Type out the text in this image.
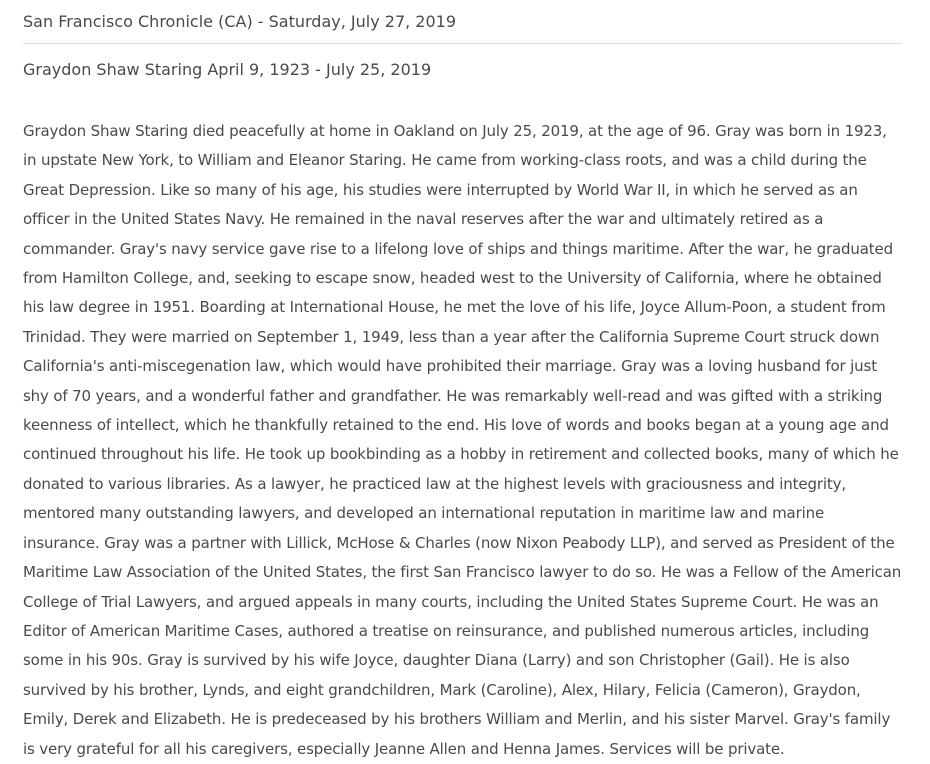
San Francisco Chronicle (CA) - Saturday, July 27, 2019
Graydon Shaw Staring April 9, 1923 - July 25, 2019

Graydon Shaw Staring died peacefully at home in Oakland on July 25, 2019, at the age of 96. Gray was born in 1923, in upstate New York, to William and Eleanor Staring. He came from working-class roots, and was a child during the Great Depression. Like so many of his age, his studies were interrupted by World War II, in which he served as an officer in the United States Navy. He remained in the naval reserves after the war and ultimately retired as a commander. Gray's navy service gave rise to a lifelong love of ships and things maritime. After the war, he graduated from Hamilton College, and, seeking to escape snow, headed west to the University of California, where he obtained his law degree in 1951. Boarding at International House, he met the love of his life, Joyce Allum-Poon, a student from Trinidad. They were married on September 1, 1949, less than a year after the California Supreme Court struck down California's anti-miscegenation law, which would have prohibited their marriage. Gray was a loving husband for just shy of 70 years, and a wonderful father and grandfather. He was remarkably well-read and was gifted with a striking keenness of intellect, which he thankfully retained to the end. His love of words and books began at a young age and continued throughout his life. He took up bookbinding as a hobby in retirement and collected books, many of which he donated to various libraries. As a lawyer, he practiced law at the highest levels with graciousness and integrity, mentored many outstanding lawyers, and developed an international reputation in maritime law and marine insurance. Gray was a partner with Lillick, McHose & Charles (now Nixon Peabody LLP), and served as President of the Maritime Law Association of the United States, the first San Francisco lawyer to do so. He was a Fellow of the American College of Trial Lawyers, and argued appeals in many courts, including the United States Supreme Court. He was an Editor of American Maritime Cases, authored a treatise on reinsurance, and published numerous articles, including some in his 90s. Gray is survived by his wife Joyce, daughter Diana (Larry) and son Christopher (Gail). He is also survived by his brother, Lynds, and eight grandchildren, Mark (Caroline), Alex, Hilary, Felicia (Cameron), Graydon, Emily, Derek and Elizabeth. He is predeceased by his brothers William and Merlin, and his sister Marvel. Gray's family is very grateful for all his caregivers, especially Jeanne Allen and Henna James. Services will be private.
